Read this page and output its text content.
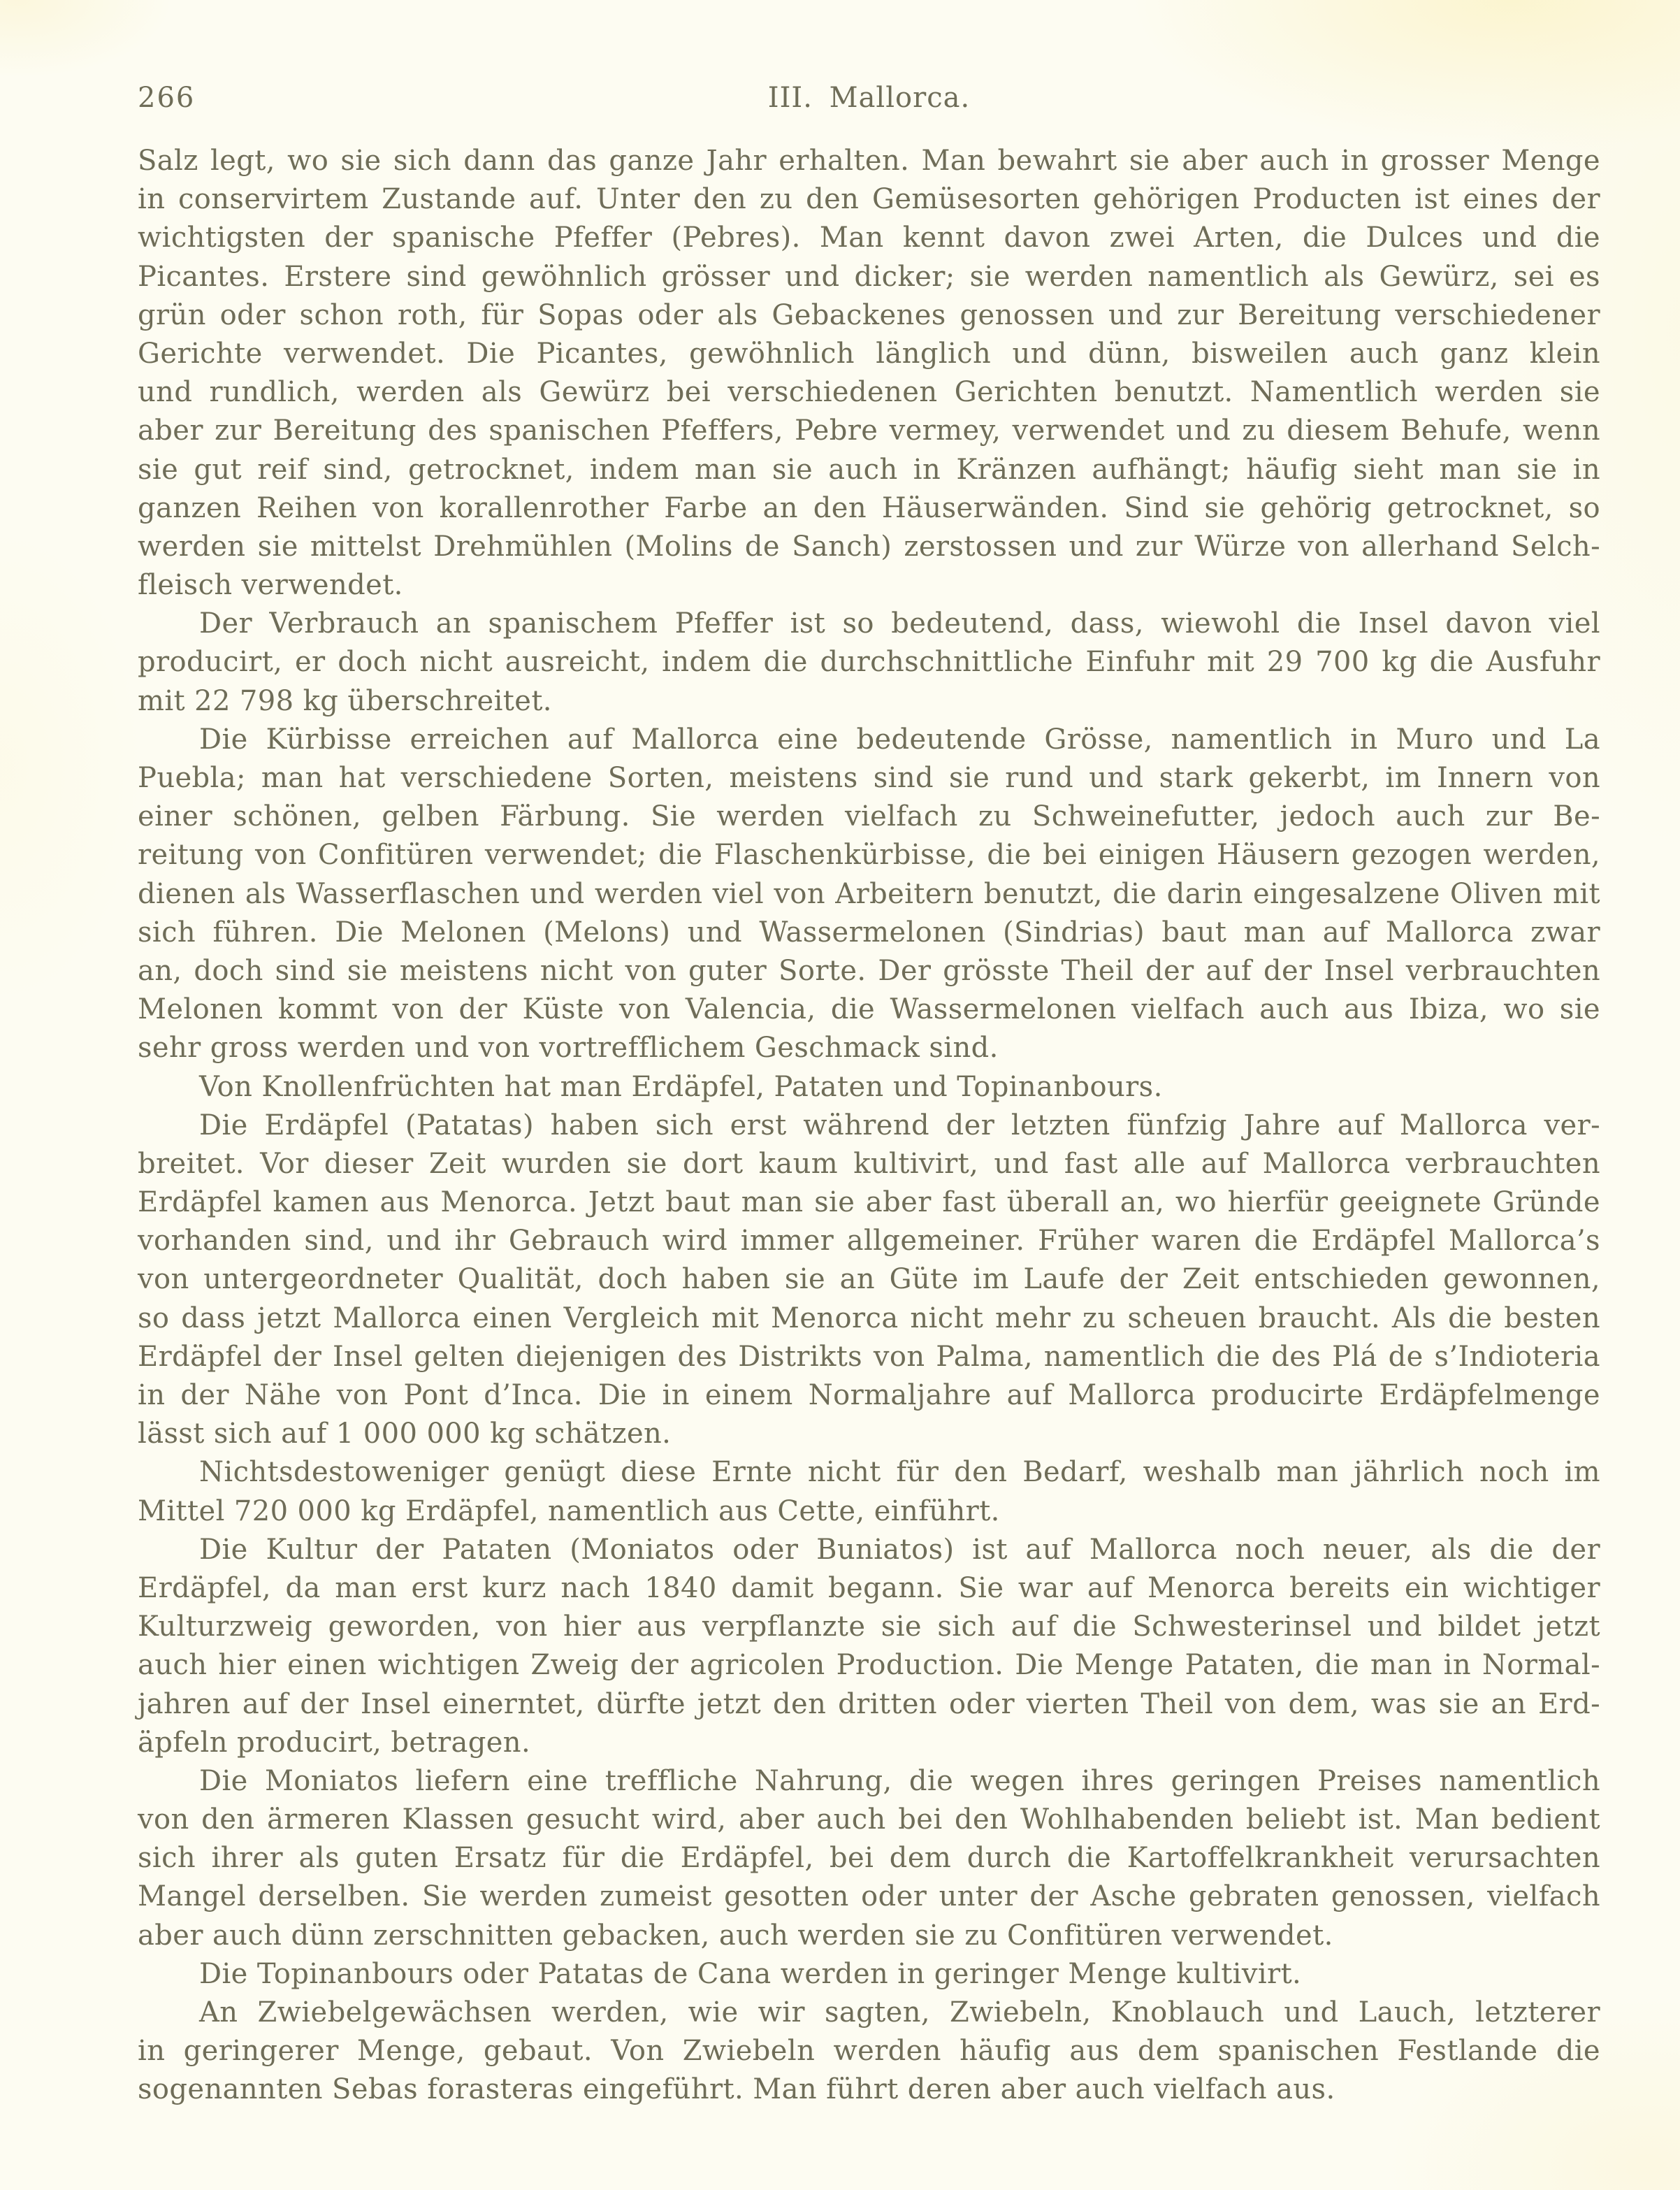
266	III. Mallorca.
Salz legt, wo sie sich dann das ganze Jahr erhalten. Man bewahrt sie aber auch in grosser Menge
in conservirtem Zustande auf. Unter den zu den Gemüsesorten gehörigen Producten ist eines der
wichtigsten der spanische Pfeffer (Pebres). Man kennt davon zwei Arten, die Dulces und die
Picantes. Erstere sind gewöhnlich grösser und dicker; sie werden namentlich als Gewürz, sei es
grün oder schon roth, für Sopas oder als Gebackenes genossen und zur Bereitung verschiedener
Gerichte verwendet. Die Picantes, gewöhnlich länglich und dünn, bisweilen auch ganz klein
und rundlich, werden als Gewürz bei verschiedenen Gerichten benutzt. Namentlich werden sie
aber zur Bereitung des spanischen Pfeffers, Pebre vermey, verwendet und zu diesem Behufe, wenn
sie gut reif sind, getrocknet, indem man sie auch in Kränzen aufhängt; häufig sieht man sie in
ganzen Reihen von korallenrother Farbe an den Häuserwänden. Sind sie gehörig getrocknet, so
werden sie mittelst Drehmühlen (Molins de Sanch) zerstossen und zur Würze von allerhand Selch-
fleisch verwendet.
Der Verbrauch an spanischem Pfeffer ist so bedeutend, dass, wiewohl die Insel davon viel
producirt, er doch nicht ausreicht, indem die durchschnittliche Einfuhr mit 29 700 kg die Ausfuhr
mit 22 798 kg überschreitet.
Die Kürbisse erreichen auf Mallorca eine bedeutende Grösse, namentlich in Muro und La
Puebla; man hat verschiedene Sorten, meistens sind sie rund und stark gekerbt, im Innern von
einer schönen, gelben Färbung. Sie werden vielfach zu Schweinefutter, jedoch auch zur Be-
reitung von Confitüren verwendet; die Flaschenkürbisse, die bei einigen Häusern gezogen werden,
dienen als Wasserflaschen und werden viel von Arbeitern benutzt, die darin eingesalzene Oliven mit
sich führen. Die Melonen (Melons) und Wassermelonen (Sindrias) baut man auf Mallorca zwar
an, doch sind sie meistens nicht von guter Sorte. Der grösste Theil der auf der Insel verbrauchten
Melonen kommt von der Küste von Valencia, die Wassermelonen vielfach auch aus Ibiza, wo sie
sehr gross werden und von vortrefflichem Geschmack sind.
Von Knollenfrüchten hat man Erdäpfel, Pataten und Topinanbours.
Die Erdäpfel (Patatas) haben sich erst während der letzten fünfzig Jahre auf Mallorca ver-
breitet. Vor dieser Zeit wurden sie dort kaum kultivirt, und fast alle auf Mallorca verbrauchten
Erdäpfel kamen aus Menorca. Jetzt baut man sie aber fast überall an, wo hierfür geeignete Gründe
vorhanden sind, und ihr Gebrauch wird immer allgemeiner. Früher waren die Erdäpfel Mallorca’s
von untergeordneter Qualität, doch haben sie an Güte im Laufe der Zeit entschieden gewonnen,
so dass jetzt Mallorca einen Vergleich mit Menorca nicht mehr zu scheuen braucht. Als die besten
Erdäpfel der Insel gelten diejenigen des Distrikts von Palma, namentlich die des Plá de s’Indioteria
in der Nähe von Pont d’Inca. Die in einem Normaljahre auf Mallorca producirte Erdäpfelmenge
lässt sich auf 1 000 000 kg schätzen.
Nichtsdestoweniger genügt diese Ernte nicht für den Bedarf, weshalb man jährlich noch im
Mittel 720 000 kg Erdäpfel, namentlich aus Cette, einführt.
Die Kultur der Pataten (Moniatos oder Buniatos) ist auf Mallorca noch neuer, als die der
Erdäpfel, da man erst kurz nach 1840 damit begann. Sie war auf Menorca bereits ein wichtiger
Kulturzweig geworden, von hier aus verpflanzte sie sich auf die Schwesterinsel und bildet jetzt
auch hier einen wichtigen Zweig der agricolen Production. Die Menge Pataten, die man in Normal-
jahren auf der Insel einerntet, dürfte jetzt den dritten oder vierten Theil von dem, was sie an Erd-
äpfeln producirt, betragen.
Die Moniatos liefern eine treffliche Nahrung, die wegen ihres geringen Preises namentlich
von den ärmeren Klassen gesucht wird, aber auch bei den Wohlhabenden beliebt ist. Man bedient
sich ihrer als guten Ersatz für die Erdäpfel, bei dem durch die Kartoffelkrankheit verursachten
Mangel derselben. Sie werden zumeist gesotten oder unter der Asche gebraten genossen, vielfach
aber auch dünn zerschnitten gebacken, auch werden sie zu Confitüren verwendet.
Die Topinanbours oder Patatas de Cana werden in geringer Menge kultivirt.
An Zwiebelgewächsen werden, wie wir sagten, Zwiebeln, Knoblauch und Lauch, letzterer
in geringerer Menge, gebaut. Von Zwiebeln werden häufig aus dem spanischen Festlande die
sogenannten Sebas forasteras eingeführt. Man führt deren aber auch vielfach aus.
